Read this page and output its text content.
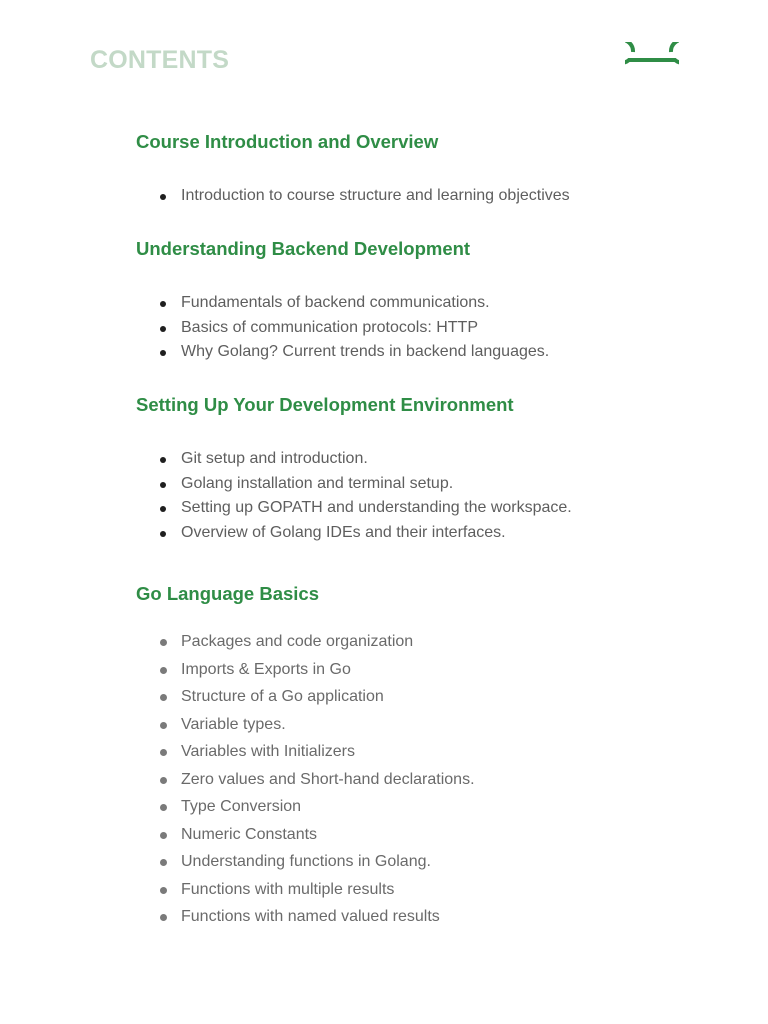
CONTENTS
Course Introduction and Overview
Introduction to course structure and learning objectives
Understanding Backend Development
Fundamentals of backend communications.
Basics of communication protocols: HTTP
Why Golang? Current trends in backend languages.
Setting Up Your Development Environment
Git setup and introduction.
Golang installation and terminal setup.
Setting up GOPATH and understanding the workspace.
Overview of Golang IDEs and their interfaces.
Go Language Basics
Packages and code organization
Imports & Exports in Go
Structure of a Go application
Variable types.
Variables with Initializers
Zero values and Short-hand declarations.
Type Conversion
Numeric Constants
Understanding functions in Golang.
Functions with multiple results
Functions with named valued results
